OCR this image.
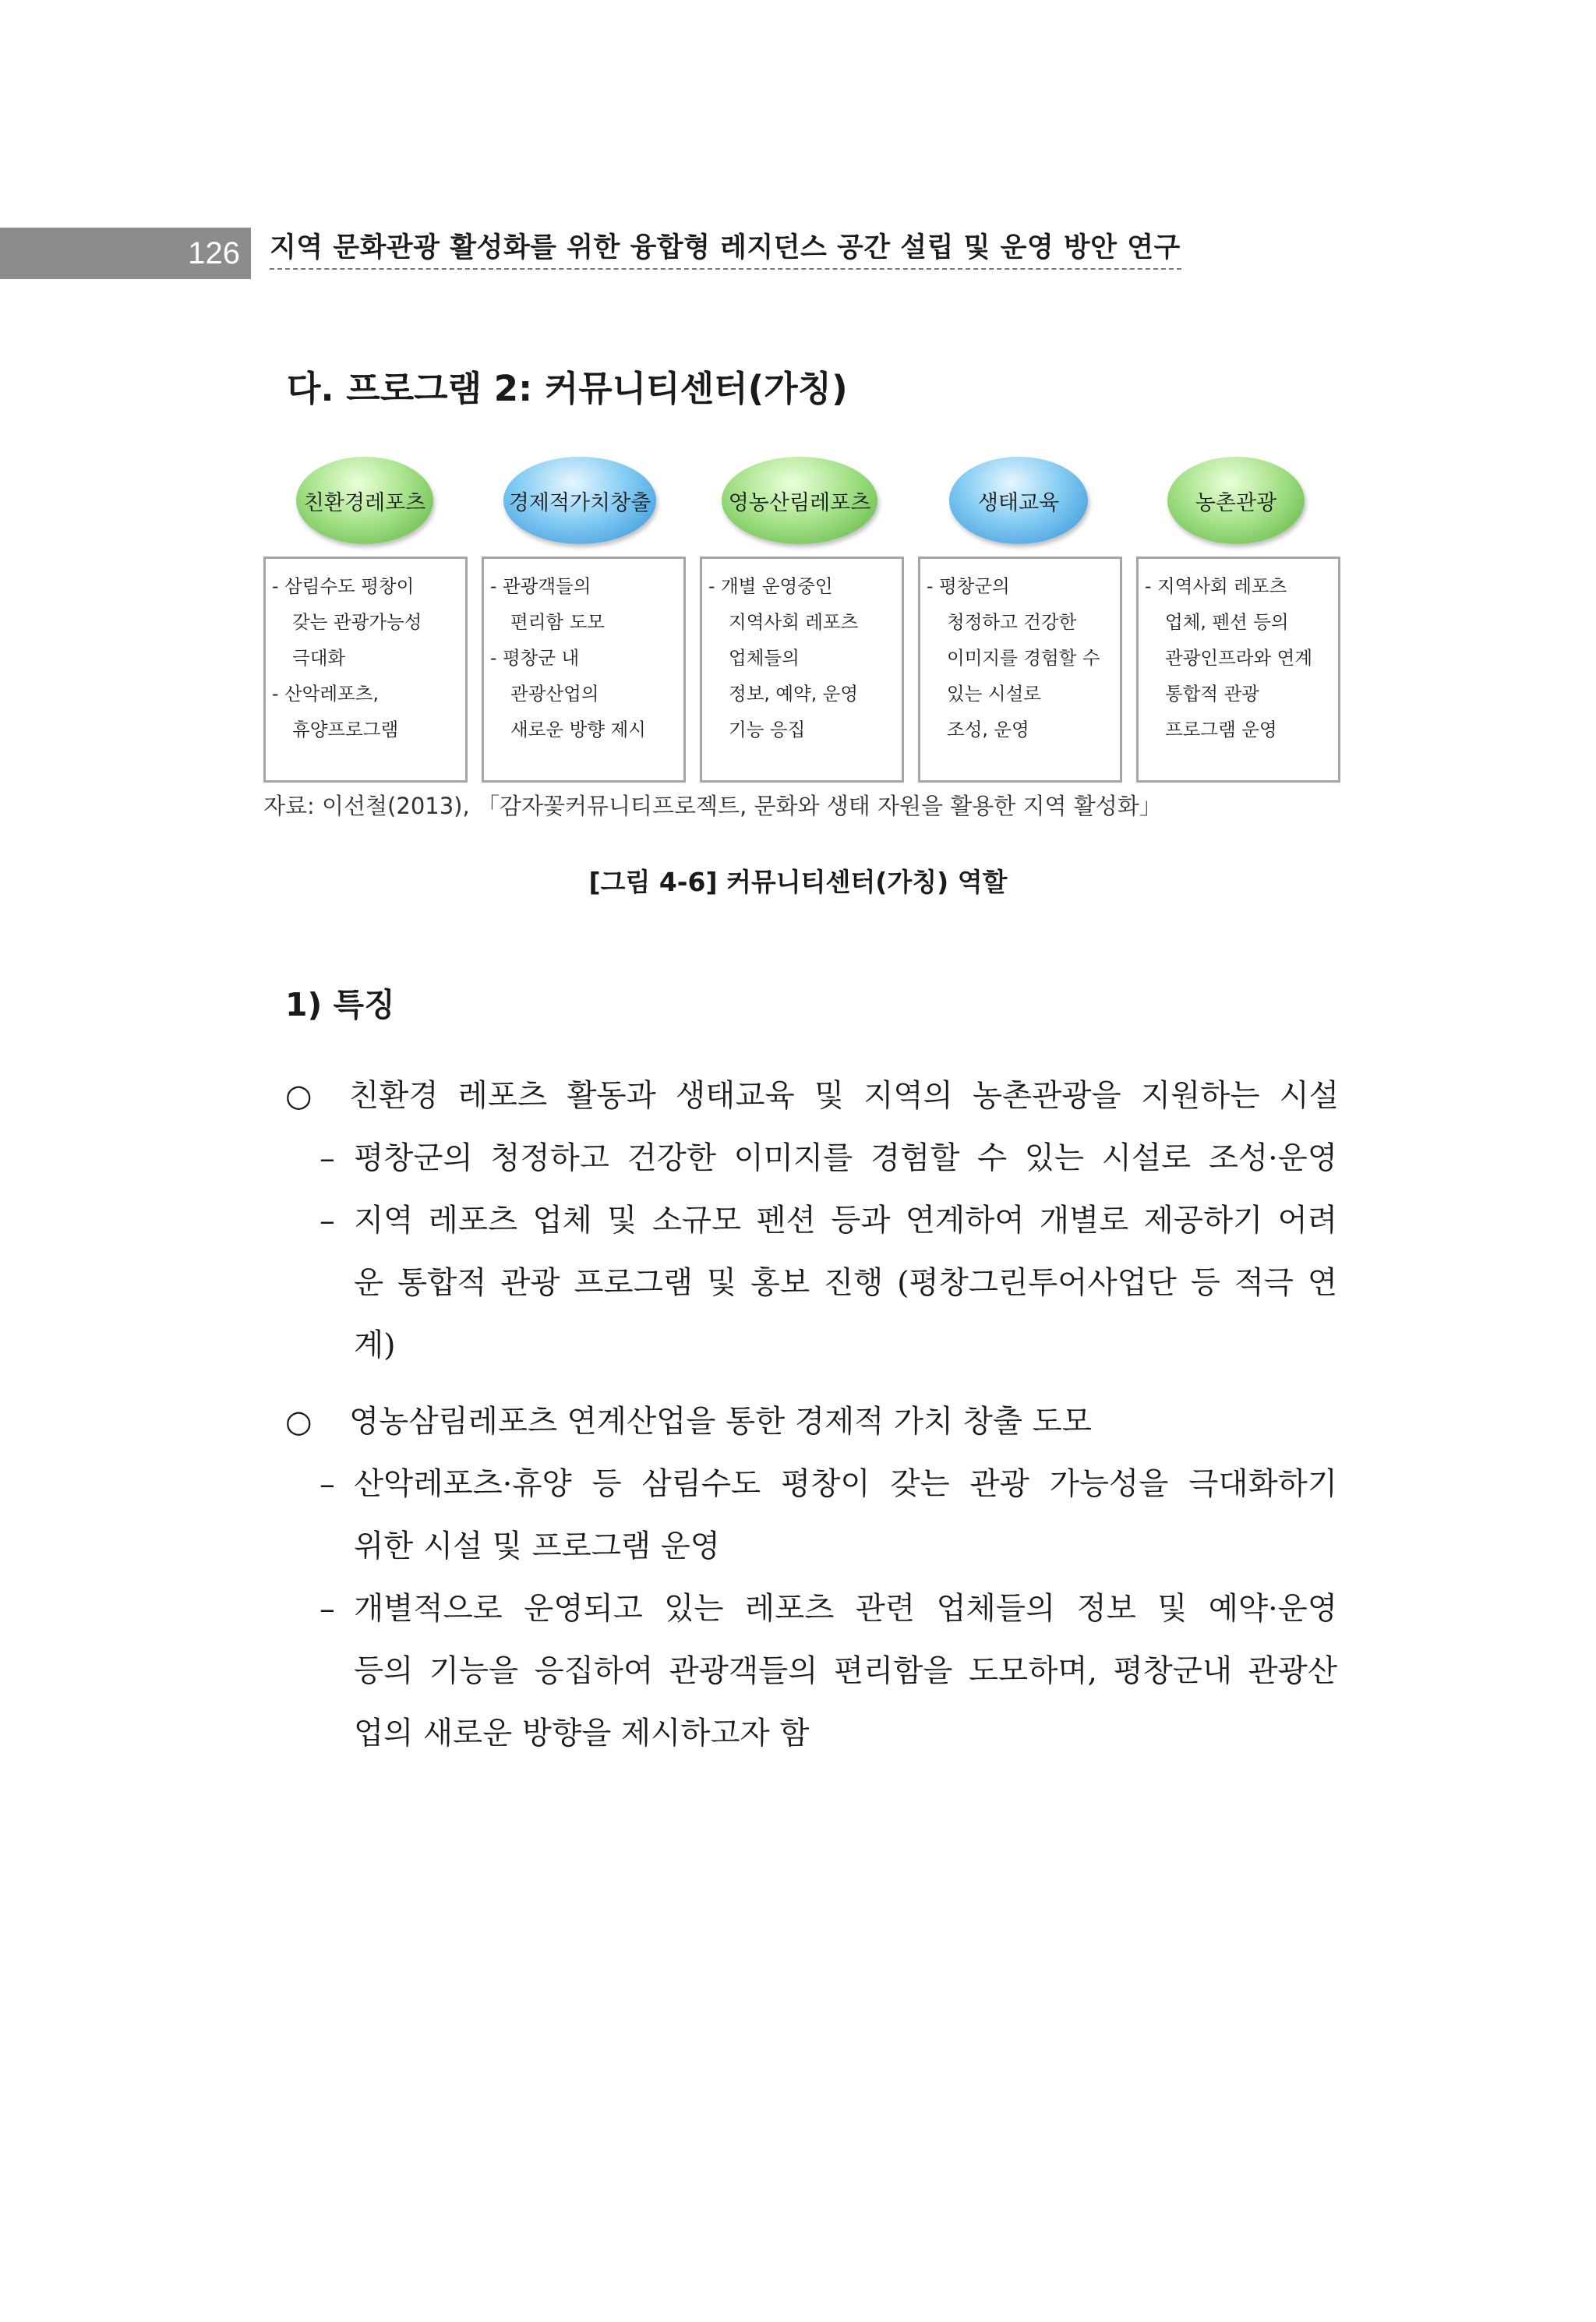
126	지역 문화관광 활성화를 위한 융합형 레지던스 공간 설립 및 운영 방안 연구
다. 프로그램 2: 커뮤니티센터(가칭)
친환경레포츠
- 삼림수도 평창이
갖는 관광가능성
극대화
- 산악레포츠,
휴양프로그램
경제적가치창출
- 관광객들의
편리함 도모
- 평창군 내
관광산업의
새로운 방향 제시
영농산림레포츠
- 개별 운영중인
지역사회 레포츠
업체들의
정보, 예약, 운영
기능 응집
생태교육
- 평창군의
청정하고 건강한
이미지를 경험할 수
있는 시설로
조성, 운영
농촌관광
- 지역사회 레포츠
업체, 펜션 등의
관광인프라와 연계
통합적 관광
프로그램 운영
자료: 이선철(2013), 「감자꽃커뮤니티프로젝트, 문화와 생태 자원을 활용한 지역 활성화」
[그림 4-6] 커뮤니티센터(가칭) 역할
1) 특징
○ 친환경 레포츠 활동과 생태교육 및 지역의 농촌관광을 지원하는 시설
– 평창군의 청정하고 건강한 이미지를 경험할 수 있는 시설로 조성·운영
– 지역 레포츠 업체 및 소규모 펜션 등과 연계하여 개별로 제공하기 어려
운 통합적 관광 프로그램 및 홍보 진행 (평창그린투어사업단 등 적극 연
계)
○ 영농삼림레포츠 연계산업을 통한 경제적 가치 창출 도모
– 산악레포츠·휴양 등 삼림수도 평창이 갖는 관광 가능성을 극대화하기
위한 시설 및 프로그램 운영
– 개별적으로 운영되고 있는 레포츠 관련 업체들의 정보 및 예약·운영
등의 기능을 응집하여 관광객들의 편리함을 도모하며, 평창군내 관광산
업의 새로운 방향을 제시하고자 함
